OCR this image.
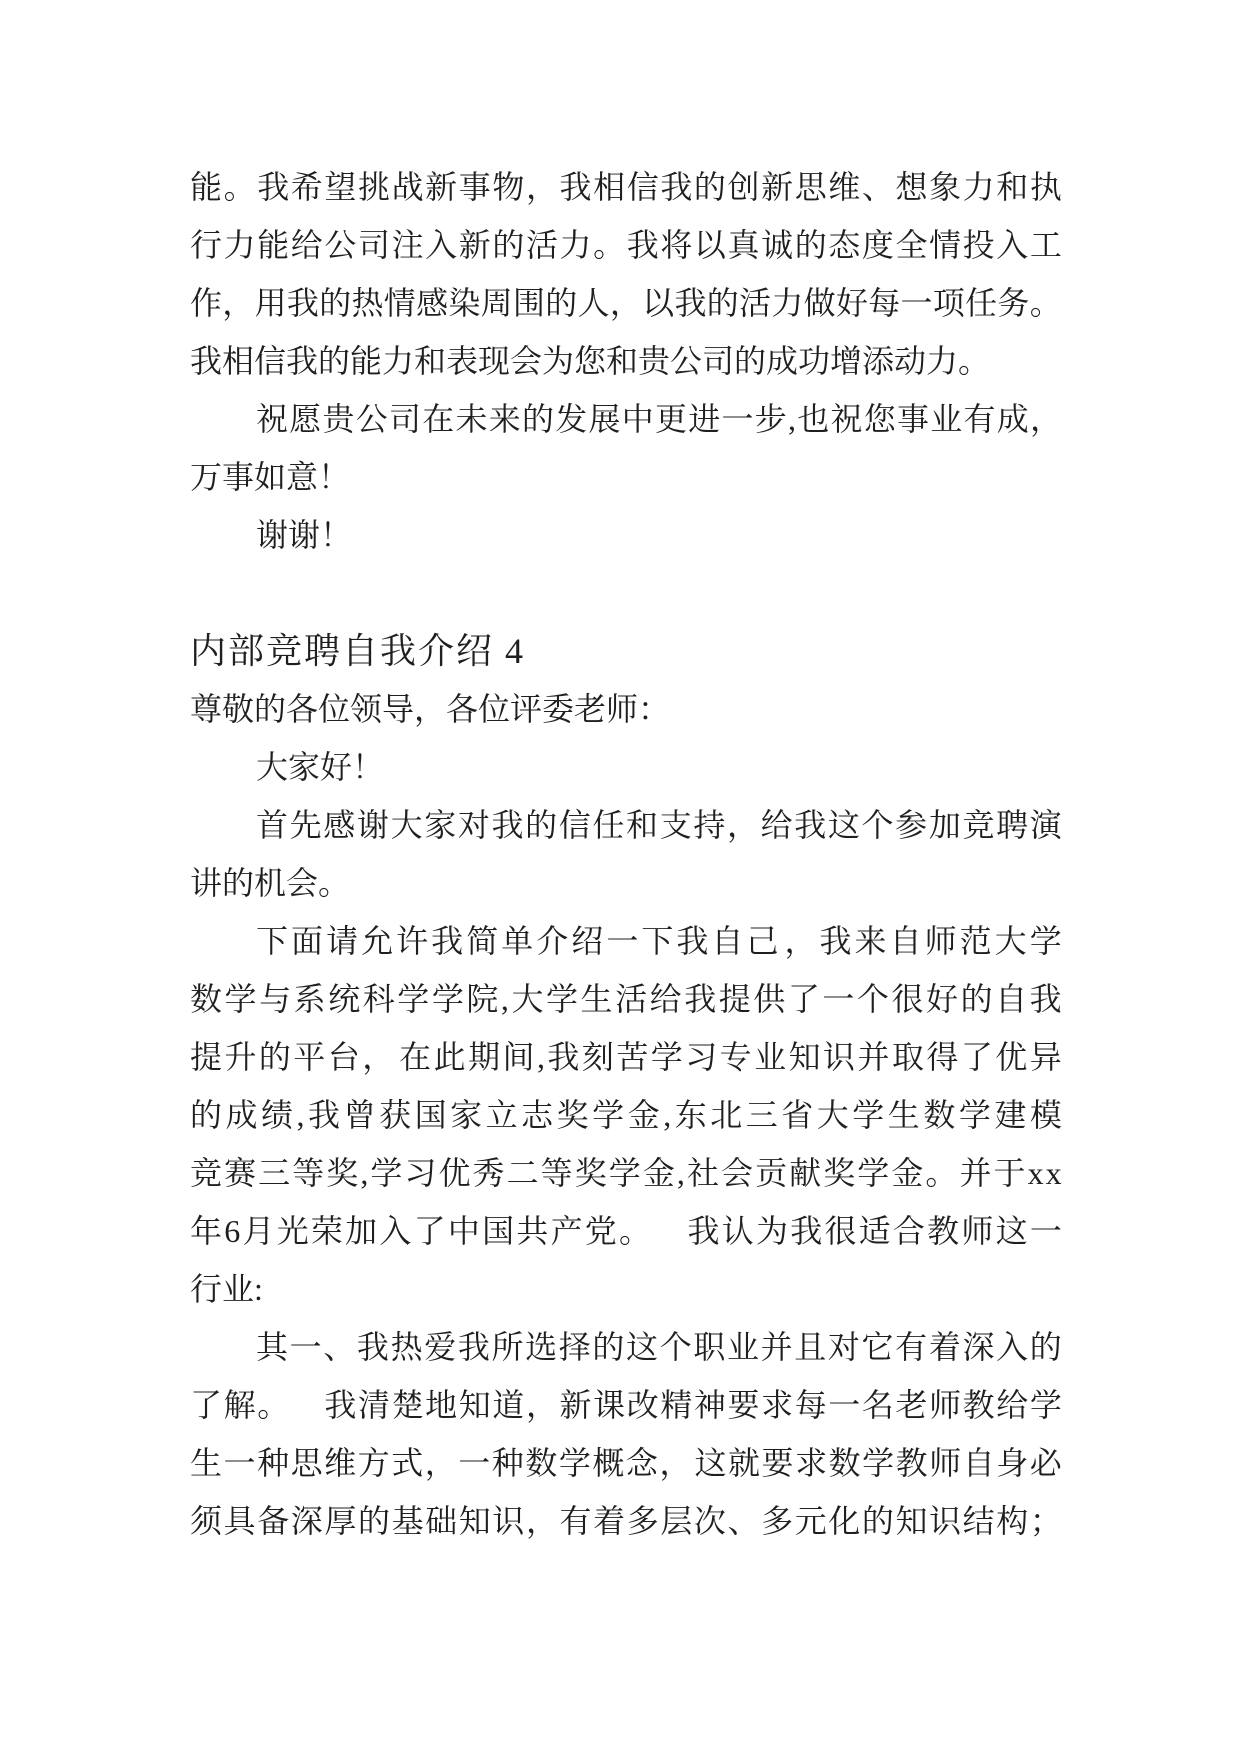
能 。 我 希 望 挑 战 新 事 物 ， 我 相 信 我 的 创 新 思 维 、 想 象 力 和 执
行 力 能 给 公 司 注 入 新 的 活 力 。 我 将 以 真 诚 的 态 度 全 情 投 入 工
作 ， 用 我 的 热 情 感 染 周 围 的 人 ， 以 我 的 活 力 做 好 每 一 项 任 务 。
我相信我的能力和表现会为您和贵公司的成功增添动力。
祝 愿 贵 公 司 在 未 来 的 发 展 中 更 进 一 步 , 也 祝 您 事 业 有 成 ，
万事如意！
谢谢！
内部竞聘自我介绍 4
尊敬的各位领导，各位评委老师：
大家好！
首 先 感 谢 大 家 对 我 的 信 任 和 支 持 ， 给 我 这 个 参 加 竞 聘 演
讲的机会。
下 面 请 允 许 我 简 单 介 绍 一 下 我 自 己 ， 我 来 自 师 范 大 学
数 学 与 系 统 科 学 学 院 , 大 学 生 活 给 我 提 供 了 一 个 很 好 的 自 我
提 升 的 平 台 ， 在 此 期 间 , 我 刻 苦 学 习 专 业 知 识 并 取 得 了 优 异
的 成 绩 , 我 曾 获 国 家 立 志 奖 学 金 , 东 北 三 省 大 学 生 数 学 建 模
竞 赛 三 等 奖 , 学 习 优 秀 二 等 奖 学 金 , 社 会 贡 献 奖 学 金 。 并 于 x x
年 6 月 光 荣 加 入 了 中 国 共 产 党 。
　 我 认 为 我 很 适 合 教 师 这 一
行业:
其 一 、 我 热 爱 我 所 选 择 的 这 个 职 业 并 且 对 它 有 着 深 入 的
了 解 。
　 我 清 楚 地 知 道 ， 新 课 改 精 神 要 求 每 一 名 老 师 教 给 学
生 一 种 思 维 方 式 ， 一 种 数 学 概 念 ， 这 就 要 求 数 学 教 师 自 身 必
须 具 备 深 厚 的 基 础 知 识 ， 有 着 多 层 次 、 多 元 化 的 知 识 结 构 ；
